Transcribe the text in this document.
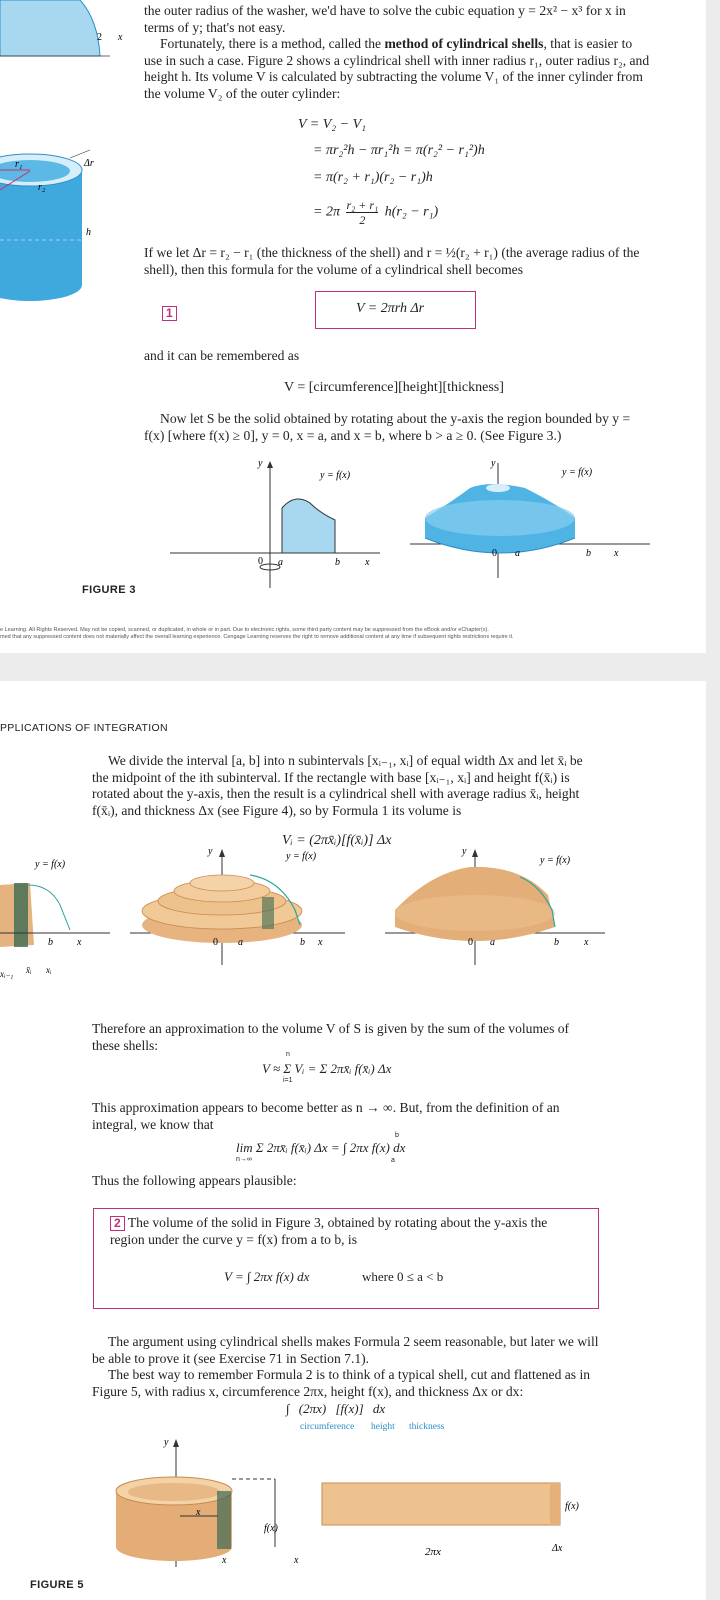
2 x
r₁
r₂
Δr
h
the outer radius of the washer, we'd have to solve the cubic equation y = 2x² − x³ for x in terms of y; that's not easy.
Fortunately, there is a method, called the method of cylindrical shells, that is easier to use in such a case. Figure 2 shows a cylindrical shell with inner radius r₁, outer radius r₂, and height h. Its volume V is calculated by subtracting the volume V₁ of the inner cylinder from the volume V₂ of the outer cylinder:
V = V₂ − V₁
= πr₂²h − πr₁²h = π(r₂² − r₁²)h
= π(r₂ + r₁)(r₂ − r₁)h
= $2\pi \frac{\text{r₂ + r₁}}{2} h(r_2 - r_1)$
If we let Δr = r₂ − r₁ (the thickness of the shell) and r = ½(r₂ + r₁) (the average radius of the shell), then this formula for the volume of a cylindrical shell becomes
1	V = 2πrh Δr
and it can be remembered as
V = [circumference][height][thickness]
Now let S be the solid obtained by rotating about the y-axis the region bounded by y = f(x) [where f(x) ≥ 0], y = 0, x = a, and x = b, where b > a ≥ 0. (See Figure 3.)
y
y = f(x)
0 a	b	x
y
y = f(x)
0 a	b x
FIGURE 3
e Learning. All Rights Reserved. May not be copied, scanned, or duplicated, in whole or in part. Due to electronic rights, some third party content may be suppressed from the eBook and/or eChapter(s).
med that any suppressed content does not materially affect the overall learning experience. Cengage Learning reserves the right to remove additional content at any time if subsequent rights restrictions require it.
PPLICATIONS OF INTEGRATION
We divide the interval [a, b] into n subintervals [xᵢ₋₁, xᵢ] of equal width Δx and let x̄ᵢ be the midpoint of the ith subinterval. If the rectangle with base [xᵢ₋₁, xᵢ] and height f(x̄ᵢ) is rotated about the y-axis, then the result is a cylindrical shell with average radius x̄ᵢ, height f(x̄ᵢ), and thickness Δx (see Figure 4), so by Formula 1 its volume is
Vᵢ = (2πx̄ᵢ)[f(x̄ᵢ)] Δx
y = f(x)
b x
xᵢ₋₁ x̄ᵢ xᵢ
y	y = f(x)
0 a	b x
y
y = f(x)
0 a	b	x
Therefore an approximation to the volume V of S is given by the sum of the volumes of these shells:
V ≈ Σ Vᵢ = Σ 2πx̄ᵢ f(x̄ᵢ) Δx
n
i=1
This approximation appears to become better as n → ∞. But, from the definition of an integral, we know that
lim Σ 2πx̄ᵢ f(x̄ᵢ) Δx = ∫ 2πx f(x) dx
n→∞
b
a
Thus the following appears plausible:
2 The volume of the solid in Figure 3, obtained by rotating about the y-axis the region under the curve y = f(x) from a to b, is
V = ∫ 2πx f(x) dx	where 0 ≤ a < b
The argument using cylindrical shells makes Formula 2 seem reasonable, but later we will be able to prove it (see Exercise 71 in Section 7.1).
The best way to remember Formula 2 is to think of a typical shell, cut and flattened as in Figure 5, with radius x, circumference 2πx, height f(x), and thickness Δx or dx:
∫ (2πx) [f(x)] dx
circumference height thickness
y
x
f(x)
x	x
f(x)
2πx	Δx
FIGURE 5
